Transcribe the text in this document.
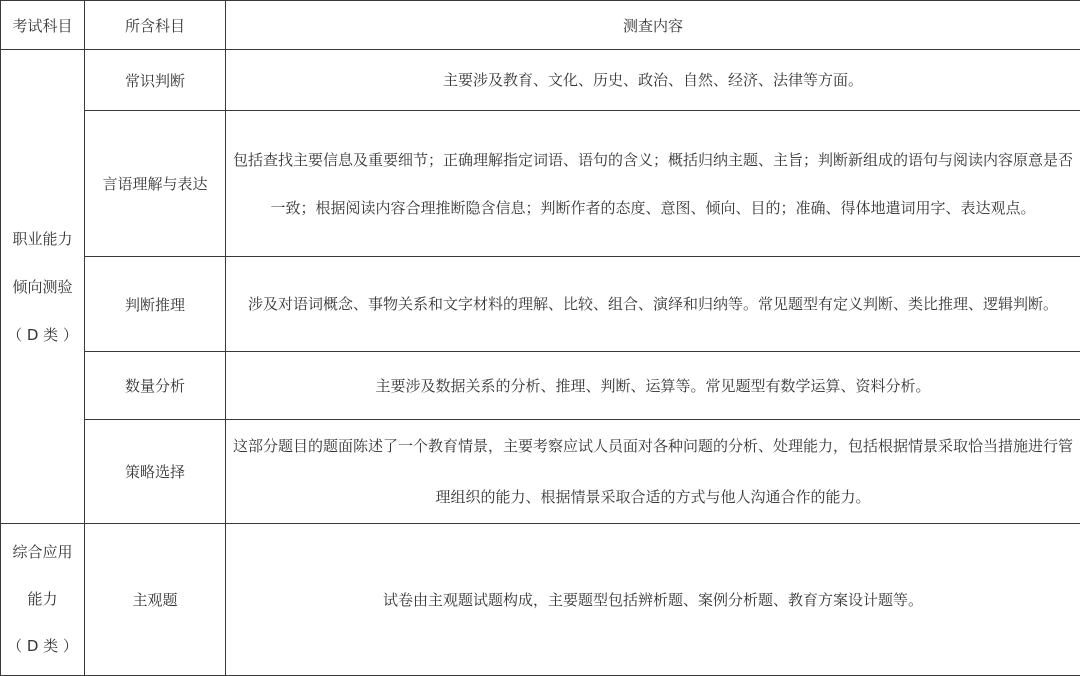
考试科目	所含科目	测查内容

职业能力
倾向测验
（ D 类 ）	常识判断	主要涉及教育、文化、历史、政治、自然、经济、法律等方面。
	言语理解与表达	包括查找主要信息及重要细节；正确理解指定词语、语句的含义；概括归纳主题、主旨；判断新组成的语句与阅读内容原意是否一致；根据阅读内容合理推断隐含信息；判断作者的态度、意图、倾向、目的；准确、得体地遣词用字、表达观点。
	判断推理	涉及对语词概念、事物关系和文字材料的理解、比较、组合、演绎和归纳等。常见题型有定义判断、类比推理、逻辑判断。
	数量分析	主要涉及数据关系的分析、推理、判断、运算等。常见题型有数学运算、资料分析。
	策略选择	这部分题目的题面陈述了一个教育情景，主要考察应试人员面对各种问题的分析、处理能力，包括根据情景采取恰当措施进行管理组织的能力、根据情景采取合适的方式与他人沟通合作的能力。

综合应用
能力
（ D 类 ）	主观题	试卷由主观题试题构成，主要题型包括辨析题、案例分析题、教育方案设计题等。
